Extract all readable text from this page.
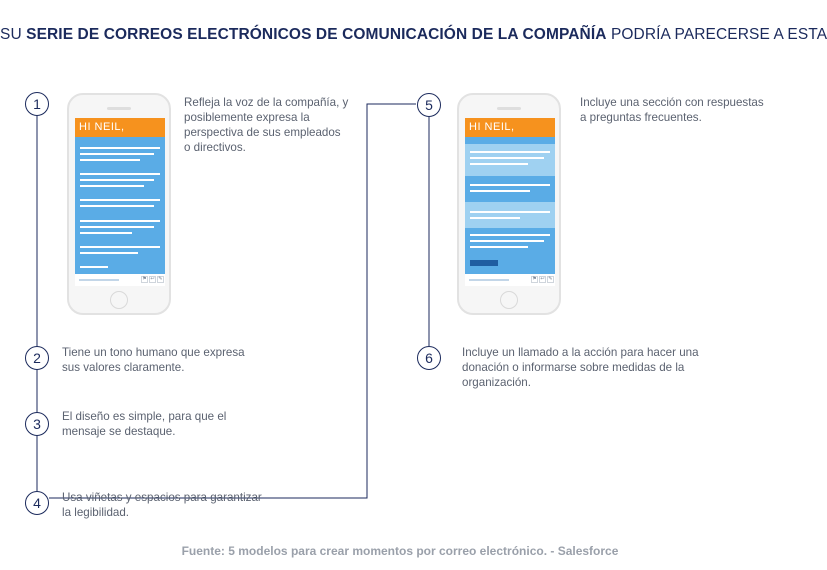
SU SERIE DE CORREOS ELECTRÓNICOS DE COMUNICACIÓN DE LA COMPAÑÍA PODRÍA PARECERSE A ESTA
1
2
3
4
5
6
Refleja la voz de la compañía, y posiblemente expresa la perspectiva de sus empleados o directivos.
Tiene un tono humano que expresa sus valores claramente.
El diseño es simple, para que el mensaje se destaque.
Usa viñetas y espacios para garantizar la legibilidad.
Incluye una sección con respuestas a preguntas frecuentes.
Incluye un llamado a la acción para hacer una donación o informarse sobre medidas de la organización.
HI NEIL,
⚑ ↩ ✎
HI NEIL,
⚑ ↩ ✎
Fuente: 5 modelos para crear momentos por correo electrónico. - Salesforce
